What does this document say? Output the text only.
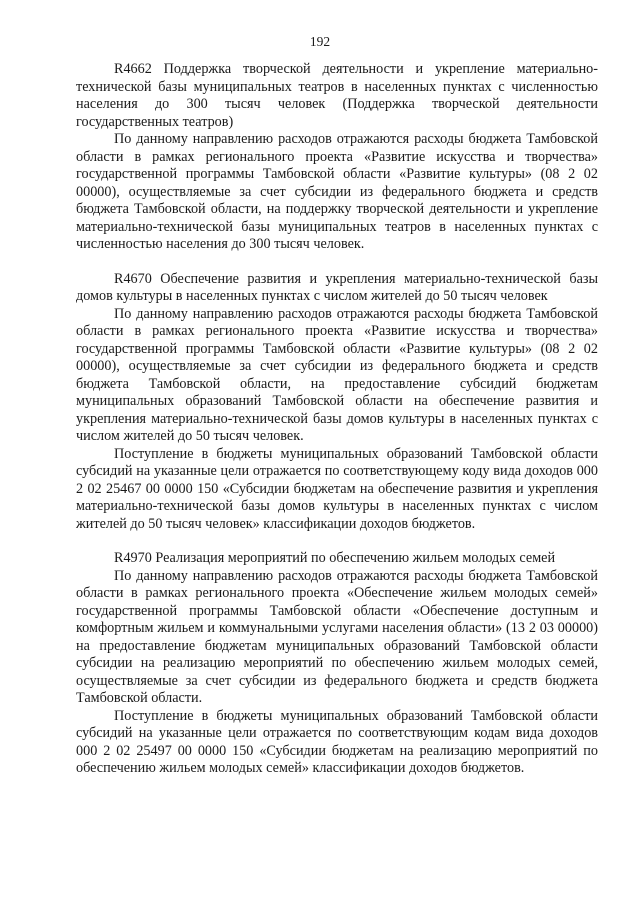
192

R4662 Поддержка творческой деятельности и укрепление материально-технической базы муниципальных театров в населенных пунктах с численностью населения до 300 тысяч человек (Поддержка творческой деятельности государственных театров)

По данному направлению расходов отражаются расходы бюджета Тамбовской области в рамках регионального проекта «Развитие искусства и творчества» государственной программы Тамбовской области «Развитие культуры» (08 2 02 00000), осуществляемые за счет субсидии из федерального бюджета и средств бюджета Тамбовской области, на поддержку творческой деятельности и укрепление материально-технической базы муниципальных театров в населенных пунктах с численностью населения до 300 тысяч человек.

R4670 Обеспечение развития и укрепления материально-технической базы домов культуры в населенных пунктах с числом жителей до 50 тысяч человек

По данному направлению расходов отражаются расходы бюджета Тамбовской области в рамках регионального проекта «Развитие искусства и творчества» государственной программы Тамбовской области «Развитие культуры» (08 2 02 00000), осуществляемые за счет субсидии из федерального бюджета и средств бюджета Тамбовской области, на предоставление субсидий бюджетам муниципальных образований Тамбовской области на обеспечение развития и укрепления материально-технической базы домов культуры в населенных пунктах с числом жителей до 50 тысяч человек.

Поступление в бюджеты муниципальных образований Тамбовской области субсидий на указанные цели отражается по соответствующему коду вида доходов 000 2 02 25467 00 0000 150 «Субсидии бюджетам на обеспечение развития и укрепления материально-технической базы домов культуры в населенных пунктах с числом жителей до 50 тысяч человек» классификации доходов бюджетов.

R4970 Реализация мероприятий по обеспечению жильем молодых семей

По данному направлению расходов отражаются расходы бюджета Тамбовской области в рамках регионального проекта «Обеспечение жильем молодых семей» государственной программы Тамбовской области «Обеспечение доступным и комфортным жильем и коммунальными услугами населения области» (13 2 03 00000) на предоставление бюджетам муниципальных образований Тамбовской области субсидии на реализацию мероприятий по обеспечению жильем молодых семей, осуществляемые за счет субсидии из федерального бюджета и средств бюджета Тамбовской области.

Поступление в бюджеты муниципальных образований Тамбовской области субсидий на указанные цели отражается по соответствующим кодам вида доходов 000 2 02 25497 00 0000 150 «Субсидии бюджетам на реализацию мероприятий по обеспечению жильем молодых семей» классификации доходов бюджетов.
